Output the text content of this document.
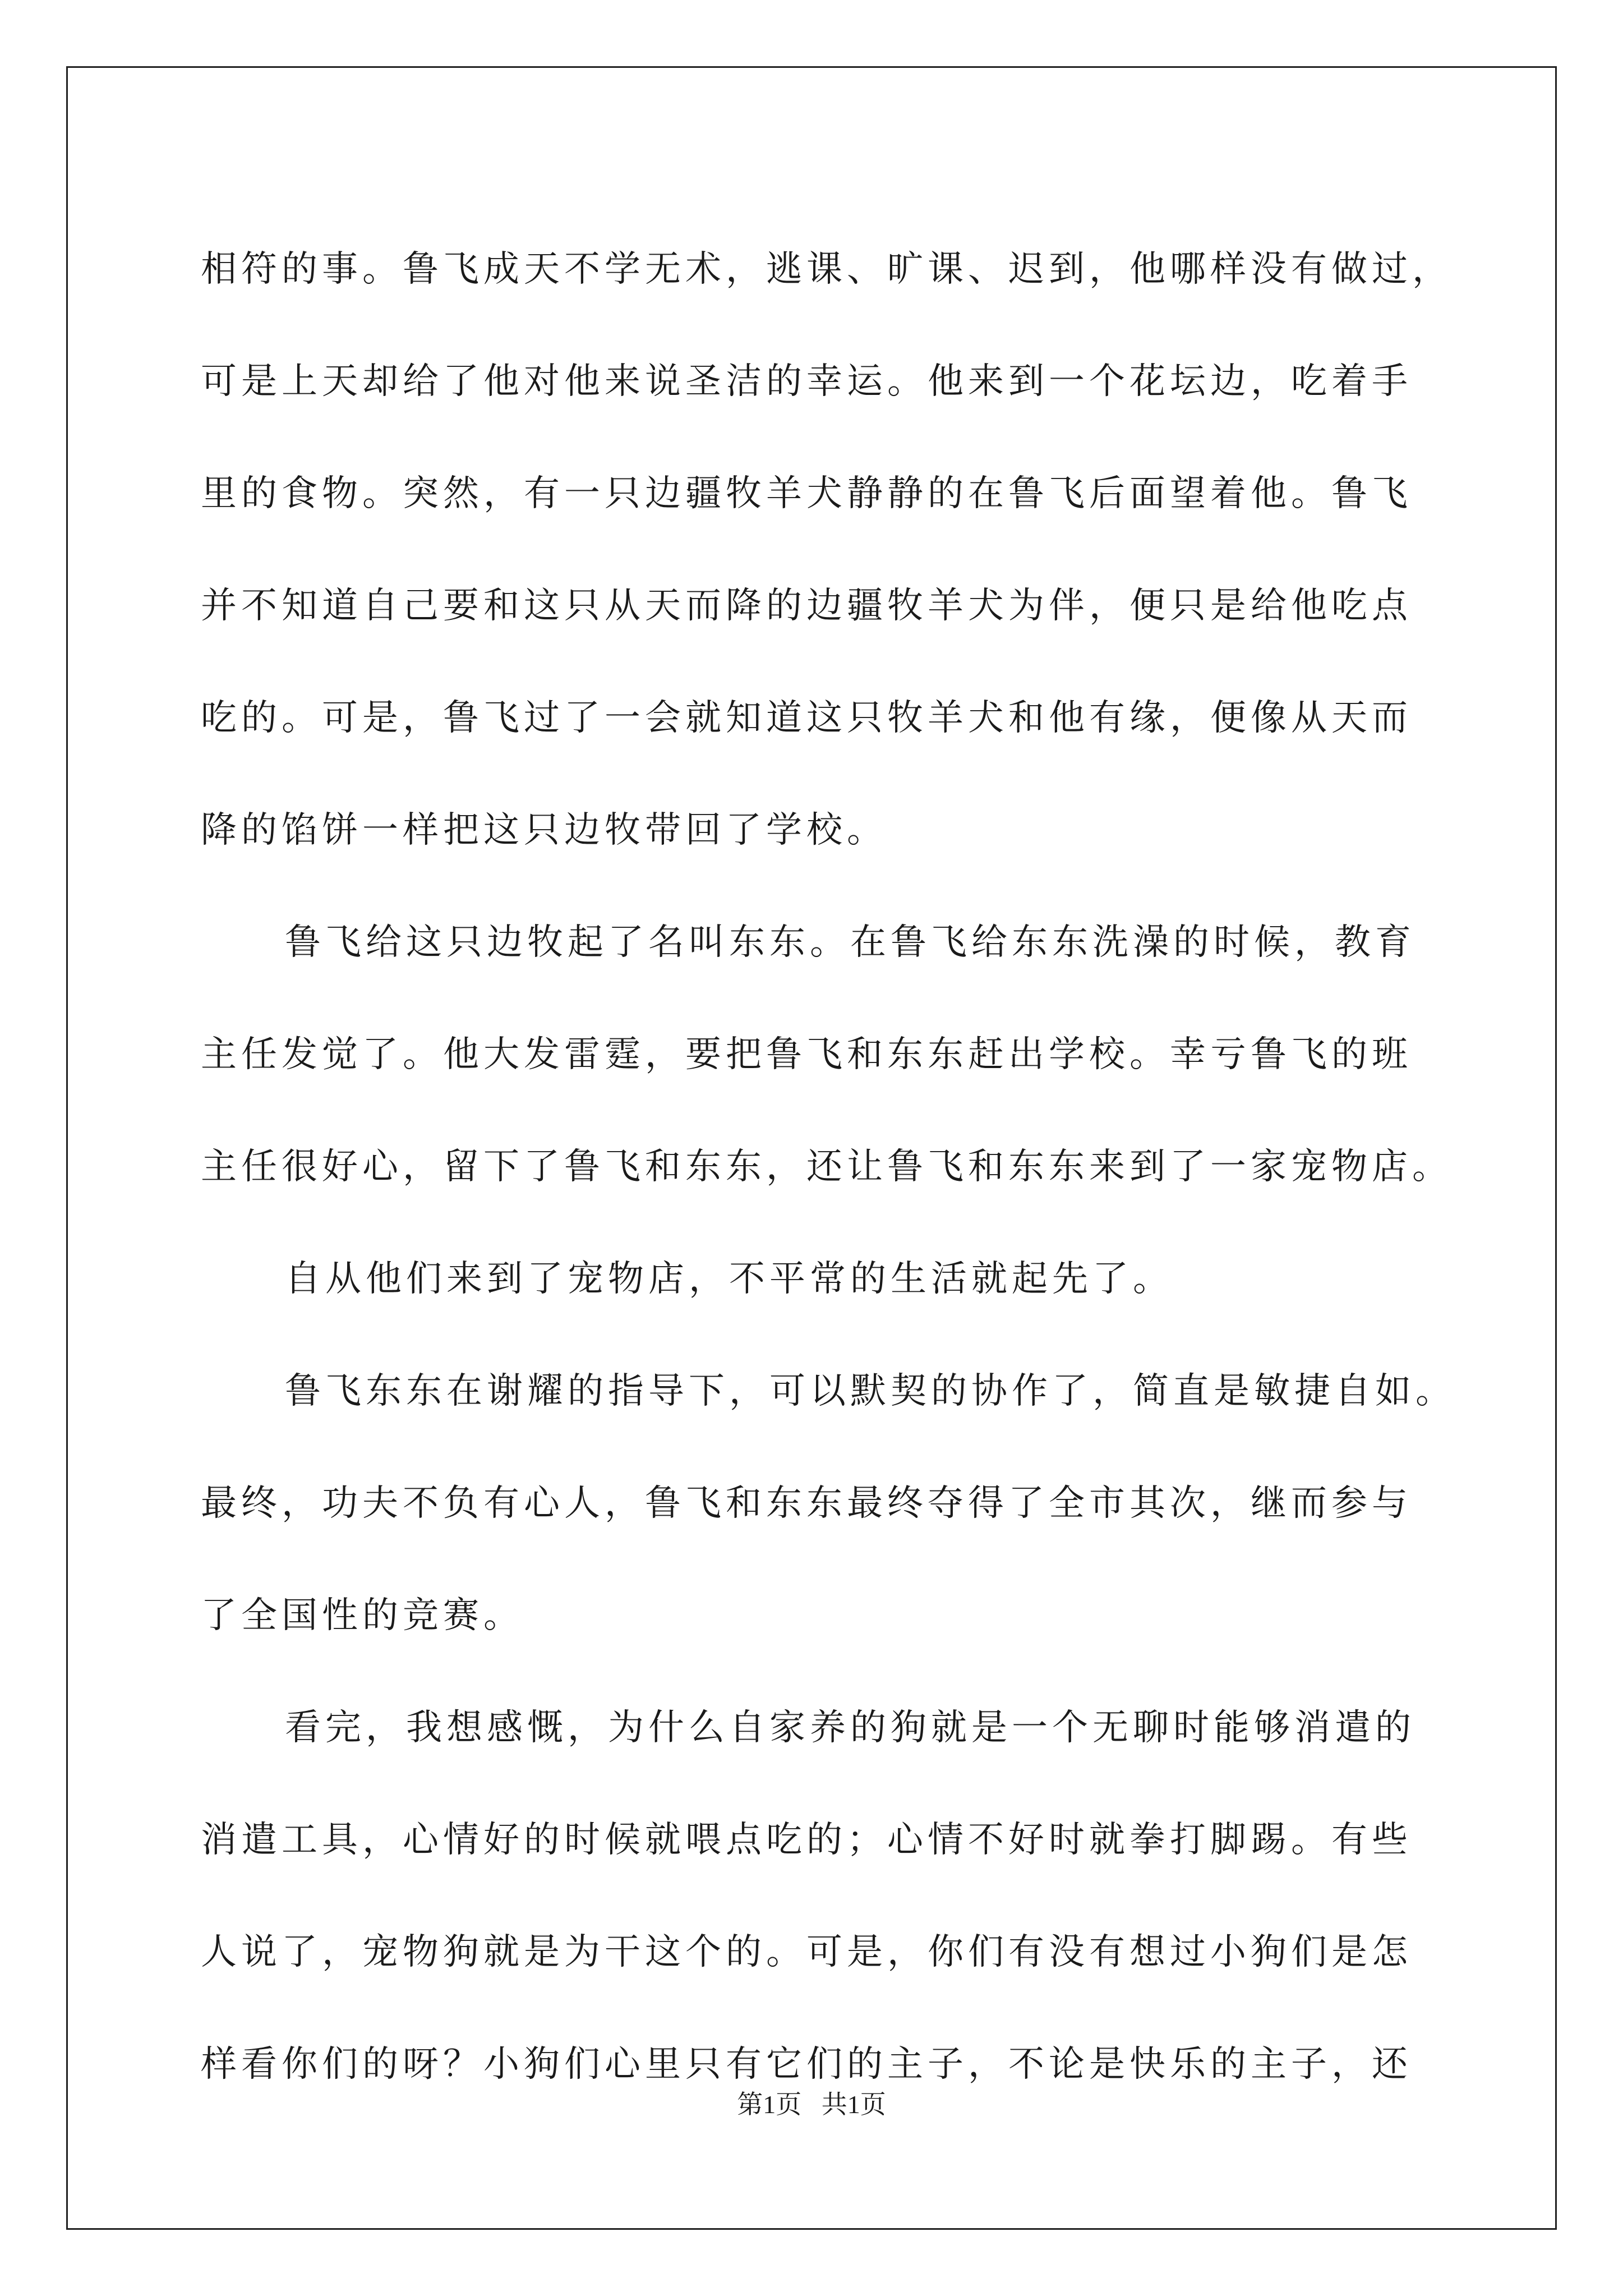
相符的事。鲁飞成天不学无术，逃课、旷课、迟到，他哪样没有做过，
可是上天却给了他对他来说圣洁的幸运。他来到一个花坛边，吃着手
里的食物。突然，有一只边疆牧羊犬静静的在鲁飞后面望着他。鲁飞
并不知道自己要和这只从天而降的边疆牧羊犬为伴，便只是给他吃点
吃的。可是，鲁飞过了一会就知道这只牧羊犬和他有缘，便像从天而
降的馅饼一样把这只边牧带回了学校。
鲁飞给这只边牧起了名叫东东。在鲁飞给东东洗澡的时候，教育
主任发觉了。他大发雷霆，要把鲁飞和东东赶出学校。幸亏鲁飞的班
主任很好心，留下了鲁飞和东东，还让鲁飞和东东来到了一家宠物店。
自从他们来到了宠物店，不平常的生活就起先了。
鲁飞东东在谢耀的指导下，可以默契的协作了，简直是敏捷自如。
最终，功夫不负有心人，鲁飞和东东最终夺得了全市其次，继而参与
了全国性的竞赛。
看完，我想感慨，为什么自家养的狗就是一个无聊时能够消遣的
消遣工具，心情好的时候就喂点吃的；心情不好时就拳打脚踢。有些
人说了，宠物狗就是为干这个的。可是，你们有没有想过小狗们是怎
样看你们的呀？小狗们心里只有它们的主子，不论是快乐的主子，还
第1页 共1页
